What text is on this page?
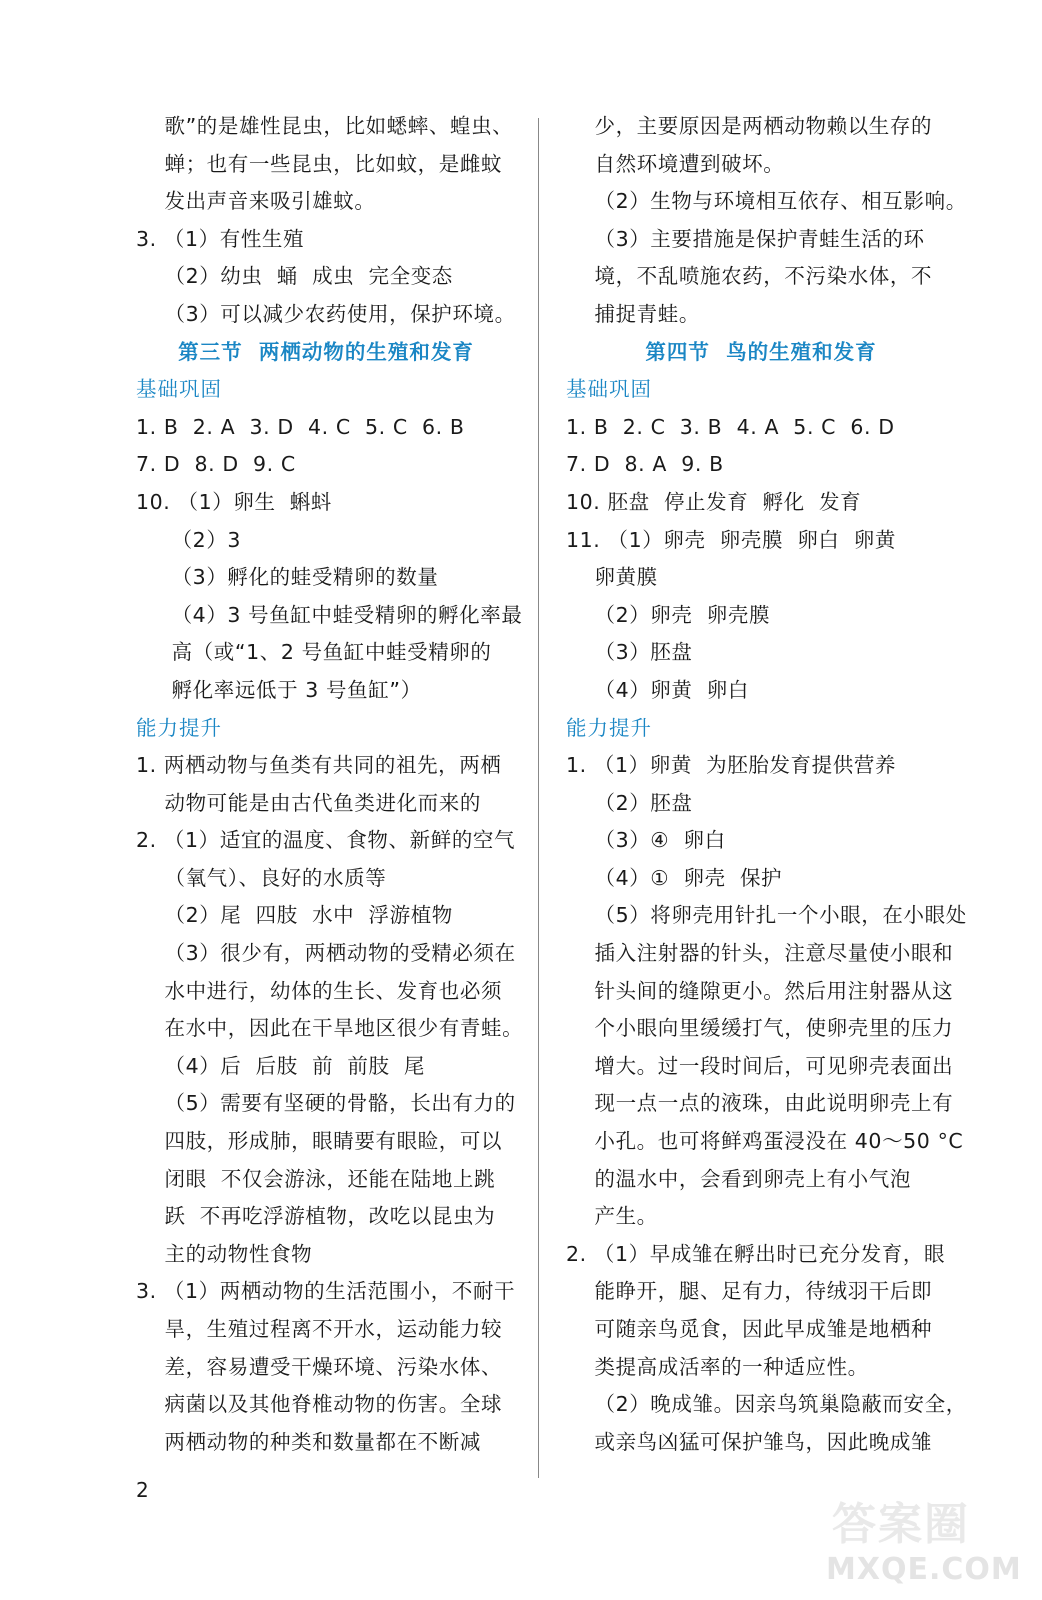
歌”的是雄性昆虫，比如蟋蟀、蝗虫、
蝉；也有一些昆虫，比如蚊，是雌蚊
发出声音来吸引雄蚊。
3. （1）有性生殖
（2）幼虫  蛹  成虫  完全变态
（3）可以减少农药使用，保护环境。
第三节  两栖动物的生殖和发育
基础巩固
1. B  2. A  3. D  4. C  5. C  6. B
7. D  8. D  9. C
10. （1）卵生  蝌蚪
（2）3
（3）孵化的蛙受精卵的数量
（4）3 号鱼缸中蛙受精卵的孵化率最
高（或“1、2 号鱼缸中蛙受精卵的
孵化率远低于 3 号鱼缸”）
能力提升
1. 两栖动物与鱼类有共同的祖先，两栖
动物可能是由古代鱼类进化而来的
2. （1）适宜的温度、食物、新鲜的空气
（氧气）、良好的水质等
（2）尾  四肢  水中  浮游植物
（3）很少有，两栖动物的受精必须在
水中进行，幼体的生长、发育也必须
在水中，因此在干旱地区很少有青蛙。
（4）后  后肢  前  前肢  尾
（5）需要有坚硬的骨骼，长出有力的
四肢，形成肺，眼睛要有眼睑，可以
闭眼  不仅会游泳，还能在陆地上跳
跃  不再吃浮游植物，改吃以昆虫为
主的动物性食物
3. （1）两栖动物的生活范围小，不耐干
旱，生殖过程离不开水，运动能力较
差，容易遭受干燥环境、污染水体、
病菌以及其他脊椎动物的伤害。全球
两栖动物的种类和数量都在不断减
少，主要原因是两栖动物赖以生存的
自然环境遭到破坏。
（2）生物与环境相互依存、相互影响。
（3）主要措施是保护青蛙生活的环
境，不乱喷施农药，不污染水体，不
捕捉青蛙。
第四节  鸟的生殖和发育
基础巩固
1. B  2. C  3. B  4. A  5. C  6. D
7. D  8. A  9. B
10. 胚盘  停止发育  孵化  发育
11. （1）卵壳  卵壳膜  卵白  卵黄
卵黄膜
（2）卵壳  卵壳膜
（3）胚盘
（4）卵黄  卵白
能力提升
1. （1）卵黄  为胚胎发育提供营养
（2）胚盘
（3）④  卵白
（4）①  卵壳  保护
（5）将卵壳用针扎一个小眼，在小眼处
插入注射器的针头，注意尽量使小眼和
针头间的缝隙更小。然后用注射器从这
个小眼向里缓缓打气，使卵壳里的压力
增大。过一段时间后，可见卵壳表面出
现一点一点的液珠，由此说明卵壳上有
小孔。也可将鲜鸡蛋浸没在 40～50 °C
的温水中，会看到卵壳上有小气泡
产生。
2. （1）早成雏在孵出时已充分发育，眼
能睁开，腿、足有力，待绒羽干后即
可随亲鸟觅食，因此早成雏是地栖种
类提高成活率的一种适应性。
（2）晚成雏。因亲鸟筑巢隐蔽而安全，
或亲鸟凶猛可保护雏鸟，因此晚成雏
2
答案圈
MXQE.COM
